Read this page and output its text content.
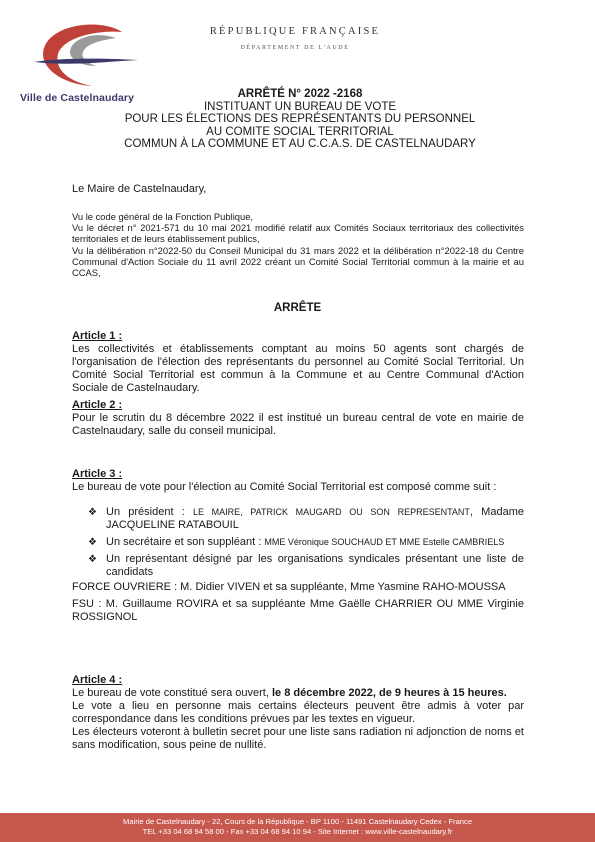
Ville de Castelnaudary
RÉPUBLIQUE FRANÇAISE
DÉPARTEMENT DE L'AUDE
ARRÊTÉ N° 2022 -2168
INSTITUANT UN BUREAU DE VOTE
POUR LES ÉLECTIONS DES REPRÉSENTANTS DU PERSONNEL
AU COMITE SOCIAL TERRITORIAL
COMMUN À LA COMMUNE ET AU C.C.A.S. DE CASTELNAUDARY
Le Maire de Castelnaudary,
Vu le code général de la Fonction Publique,
Vu le décret n° 2021-571 du 10 mai 2021 modifié relatif aux Comités Sociaux territoriaux des collectivités territoriales et de leurs établissement publics,
Vu la délibération n°2022-50 du Conseil Municipal du 31 mars 2022 et la délibération n°2022-18 du Centre Communal d'Action Sociale du 11 avril 2022 créant un Comité Social Territorial commun à la mairie et au CCAS,
ARRÊTE
Article 1 :
Les collectivités et établissements comptant au moins 50 agents sont chargés de l'organisation de l'élection des représentants du personnel au Comité Social Territorial. Un Comité Social Territorial est commun à la Commune et au Centre Communal d'Action Sociale de Castelnaudary.
Article 2 :
Pour le scrutin du 8 décembre 2022 il est institué un bureau central de vote en mairie de Castelnaudary, salle du conseil municipal.
Article 3 :
Le bureau de vote pour l'élection au Comité Social Territorial est composé comme suit :
❖ Un président : LE MAIRE, PATRICK MAUGARD OU SON REPRESENTANT, Madame JACQUELINE RATABOUIL
❖ Un secrétaire et son suppléant : MME Véronique SOUCHAUD ET MME Estelle CAMBRIELS
❖ Un représentant désigné par les organisations syndicales présentant une liste de candidats
FORCE OUVRIERE : M. Didier VIVEN et sa suppléante, Mme Yasmine RAHO-MOUSSA
FSU : M. Guillaume ROVIRA et sa suppléante Mme Gaëlle CHARRIER OU MME Virginie ROSSIGNOL
Article 4 :
Le bureau de vote constitué sera ouvert, le 8 décembre 2022, de 9 heures à 15 heures.
Le vote a lieu en personne mais certains électeurs peuvent être admis à voter par correspondance dans les conditions prévues par les textes en vigueur.
Les électeurs voteront à bulletin secret pour une liste sans radiation ni adjonction de noms et sans modification, sous peine de nullité.
Mairie de Castelnaudary - 22, Cours de la République - BP 1100 - 11491 Castelnaudary Cedex - France
TEL +33 04 68 94 58 00 - Fax +33 04 68 94 10 94 - Site Internet : www.ville-castelnaudary.fr
